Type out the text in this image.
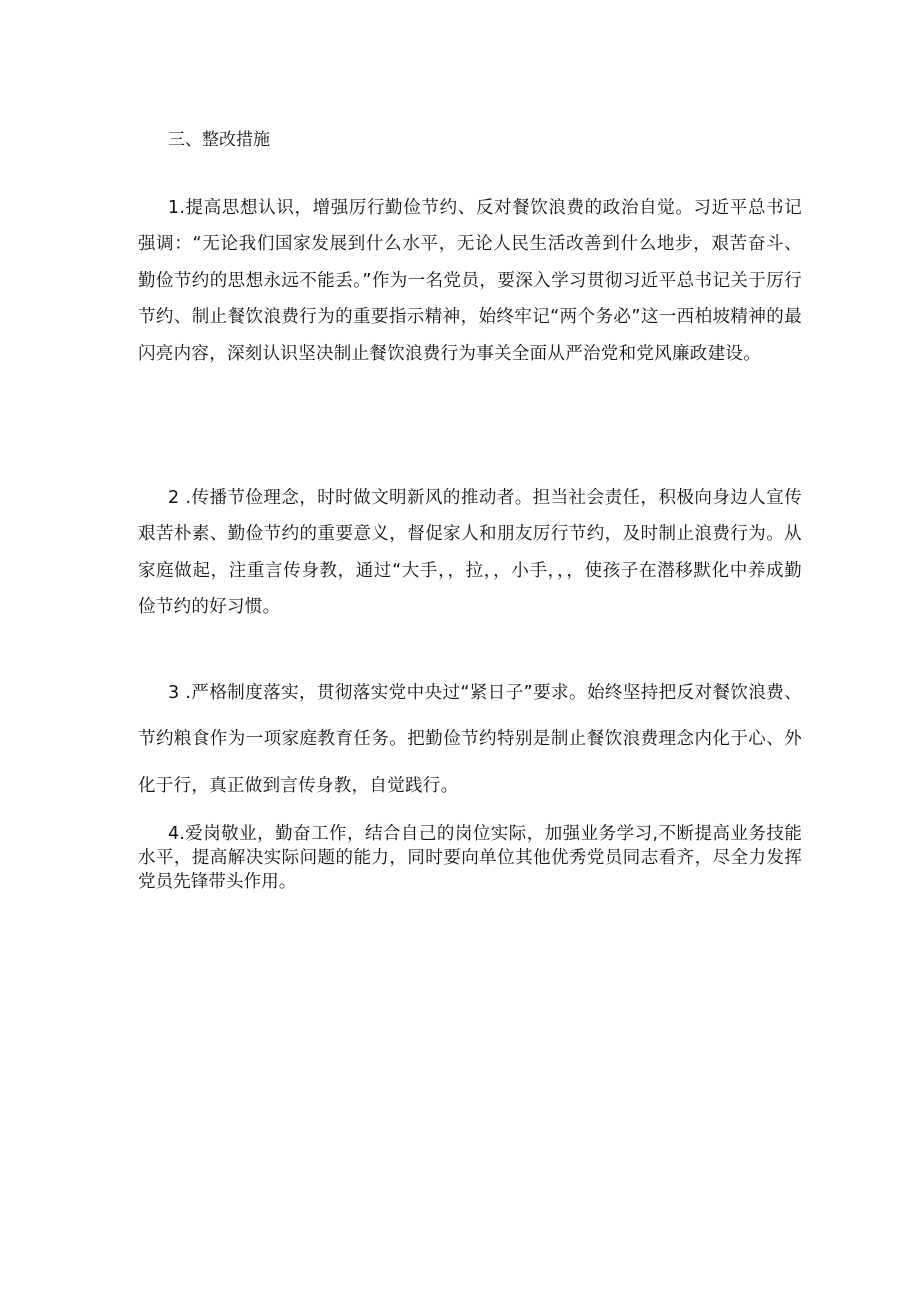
三、整改措施

1.提高思想认识，增强厉行勤俭节约、反对餐饮浪费的政治自觉。习近平总书记强调：“无论我们国家发展到什么水平，无论人民生活改善到什么地步，艰苦奋斗、勤俭节约的思想永远不能丢。”作为一名党员，要深入学习贯彻习近平总书记关于厉行节约、制止餐饮浪费行为的重要指示精神，始终牢记“两个务必”这一西柏坡精神的最闪亮内容，深刻认识坚决制止餐饮浪费行为事关全面从严治党和党风廉政建设。

2 .传播节俭理念，时时做文明新风的推动者。担当社会责任，积极向身边人宣传艰苦朴素、勤俭节约的重要意义，督促家人和朋友厉行节约，及时制止浪费行为。从家庭做起，注重言传身教，通过“大手，，拉，，小手，，，使孩子在潜移默化中养成勤俭节约的好习惯。

3 .严格制度落实，贯彻落实党中央过“紧日子”要求。始终坚持把反对餐饮浪费、节约粮食作为一项家庭教育任务。把勤俭节约特别是制止餐饮浪费理念内化于心、外化于行，真正做到言传身教，自觉践行。

4.爱岗敬业，勤奋工作，结合自己的岗位实际，加强业务学习,不断提高业务技能水平，提高解决实际问题的能力，同时要向单位其他优秀党员同志看齐，尽全力发挥党员先锋带头作用。
